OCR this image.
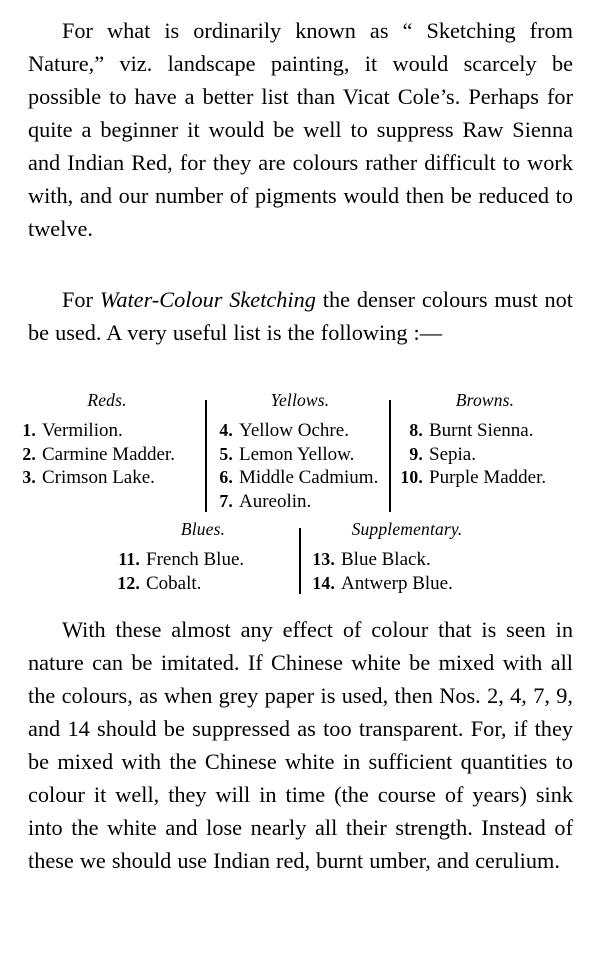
For what is ordinarily known as “ Sketching from Nature,” viz. landscape painting, it would scarcely be possible to have a better list than Vicat Cole’s. Perhaps for quite a beginner it would be well to suppress Raw Sienna and Indian Red, for they are colours rather difficult to work with, and our number of pigments would then be reduced to twelve.

For Water-Colour Sketching the denser colours must not be used. A very useful list is the following :—

Reds.
1. Vermilion.
2. Carmine Madder.
3. Crimson Lake.
Yellows.
4. Yellow Ochre.
5. Lemon Yellow.
6. Middle Cadmium.
7. Aureolin.
Browns.
8. Burnt Sienna.
9. Sepia.
10. Purple Madder.
Blues.
11. French Blue.
12. Cobalt.
Supplementary.
13. Blue Black.
14. Antwerp Blue.

With these almost any effect of colour that is seen in nature can be imitated. If Chinese white be mixed with all the colours, as when grey paper is used, then Nos. 2, 4, 7, 9, and 14 should be suppressed as too transparent. For, if they be mixed with the Chinese white in sufficient quantities to colour it well, they will in time (the course of years) sink into the white and lose nearly all their strength. Instead of these we should use Indian red, burnt umber, and cerulium.
